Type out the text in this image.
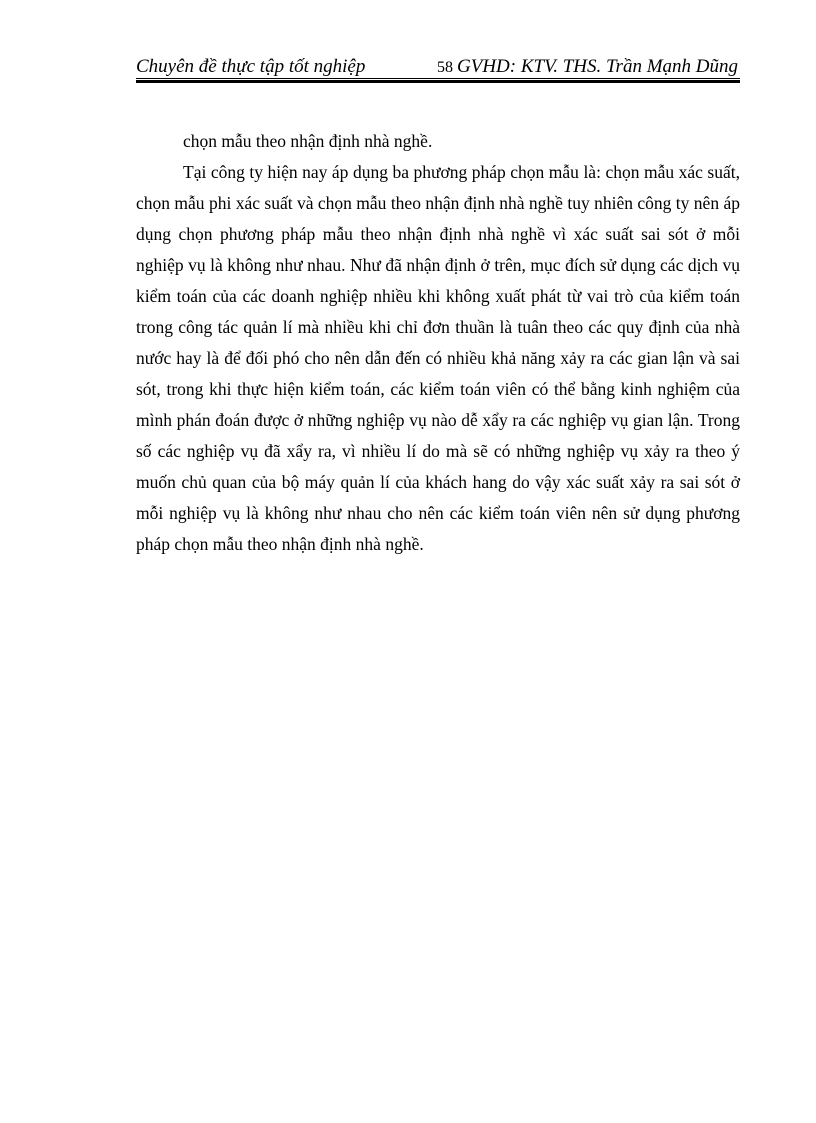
Chuyên đề thực tập tốt nghiệp	58 GVHD: KTV. THS. Trần Mạnh Dũng

chọn mẫu theo nhận định nhà nghề.

Tại công ty hiện nay áp dụng ba phương pháp chọn mẫu là: chọn mẫu xác suất, chọn mẫu phi xác suất và chọn mẫu theo nhận định nhà nghề tuy nhiên công ty nên áp dụng chọn phương pháp mẫu theo nhận định nhà nghề vì xác suất sai sót ở mỗi nghiệp vụ là không như nhau. Như đã nhận định ở trên, mục đích sử dụng các dịch vụ kiểm toán của các doanh nghiệp nhiều khi không xuất phát từ vai trò của kiểm toán trong công tác quản lí mà nhiều khi chỉ đơn thuần là tuân theo các quy định của nhà nước hay là để đối phó cho nên dẫn đến có nhiều khả năng xảy ra các gian lận và sai sót, trong khi thực hiện kiểm toán, các kiểm toán viên có thể bằng kinh nghiệm của mình phán đoán được ở những nghiệp vụ nào dễ xẩy ra các nghiệp vụ gian lận. Trong số các nghiệp vụ đã xẩy ra, vì nhiều lí do mà sẽ có những nghiệp vụ xảy ra theo ý muốn chủ quan của bộ máy quản lí của khách hang do vậy xác suất xảy ra sai sót ở mỗi nghiệp vụ là không như nhau cho nên các kiểm toán viên nên sử dụng phương pháp chọn mẫu theo nhận định nhà nghề.
